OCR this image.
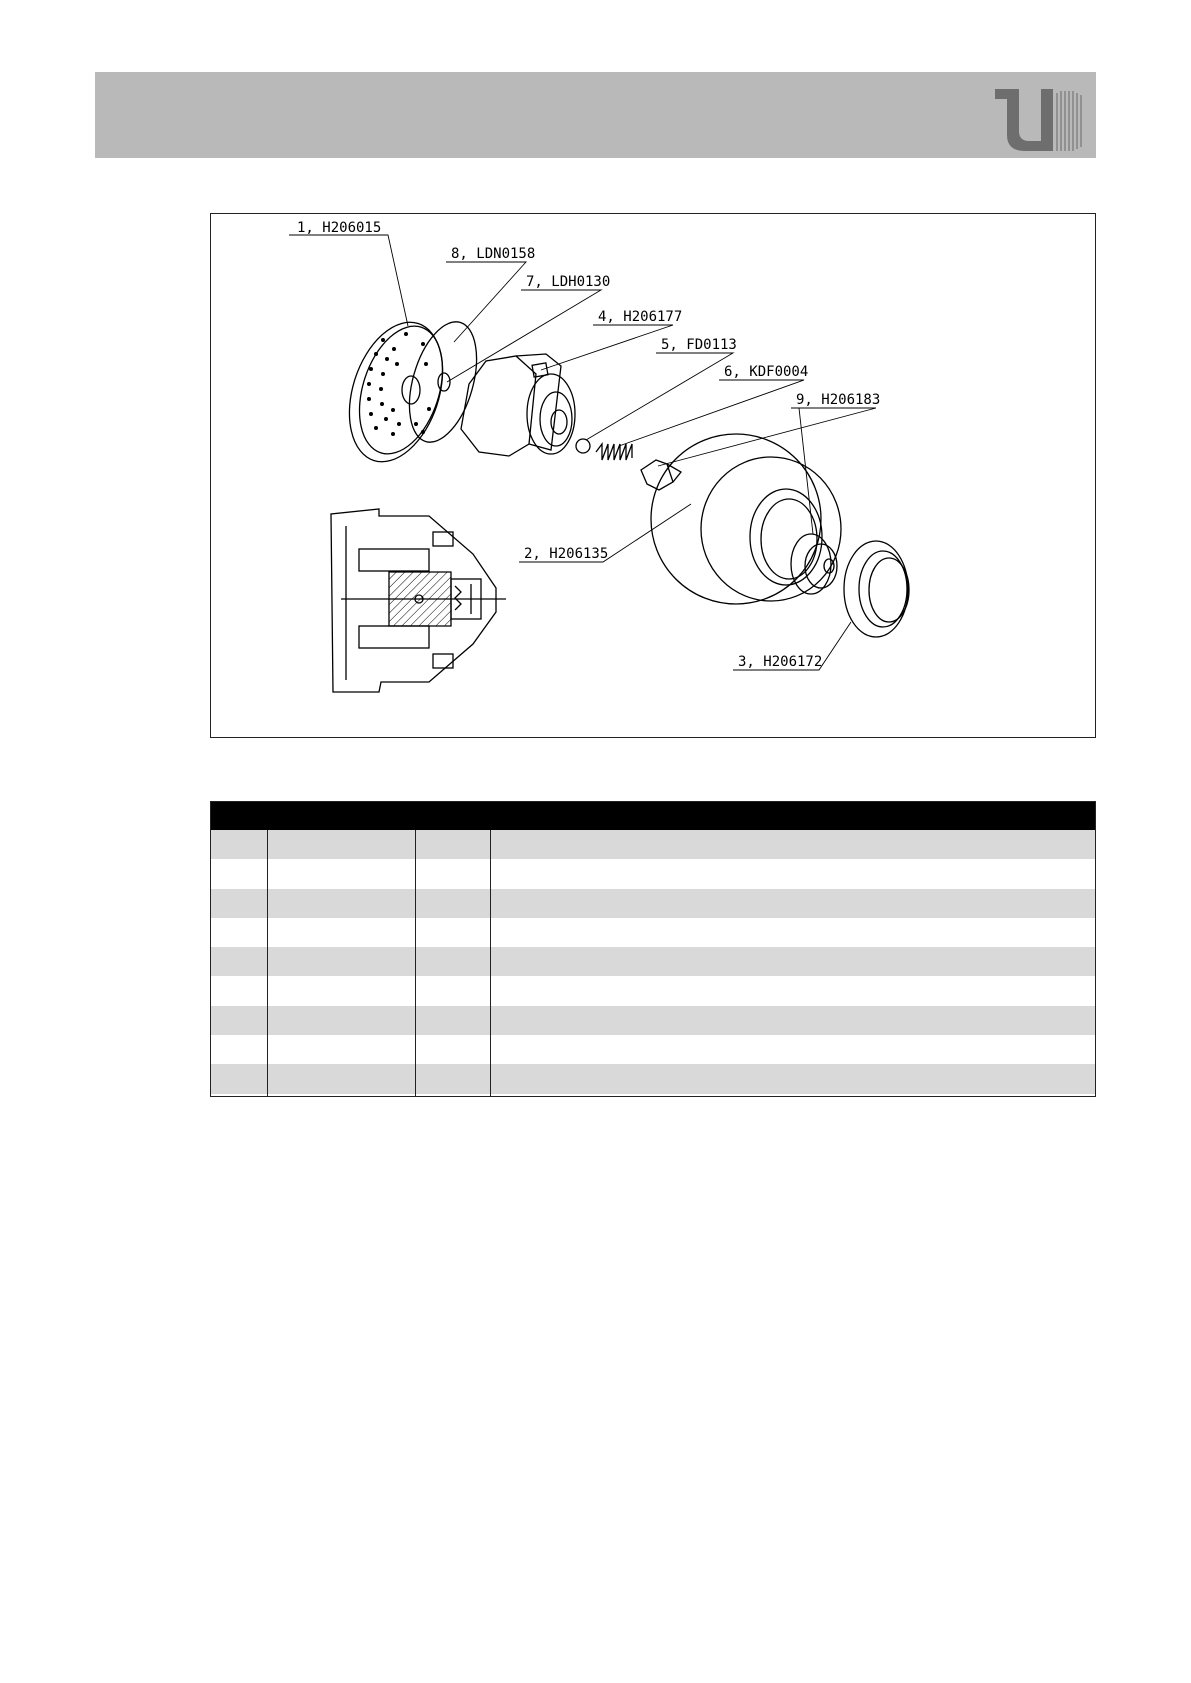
1, H206015
8, LDN0158
7, LDH0130
4, H206177
5, FD0113
6, KDF0004
9, H206183
2, H206135
3, H206172
